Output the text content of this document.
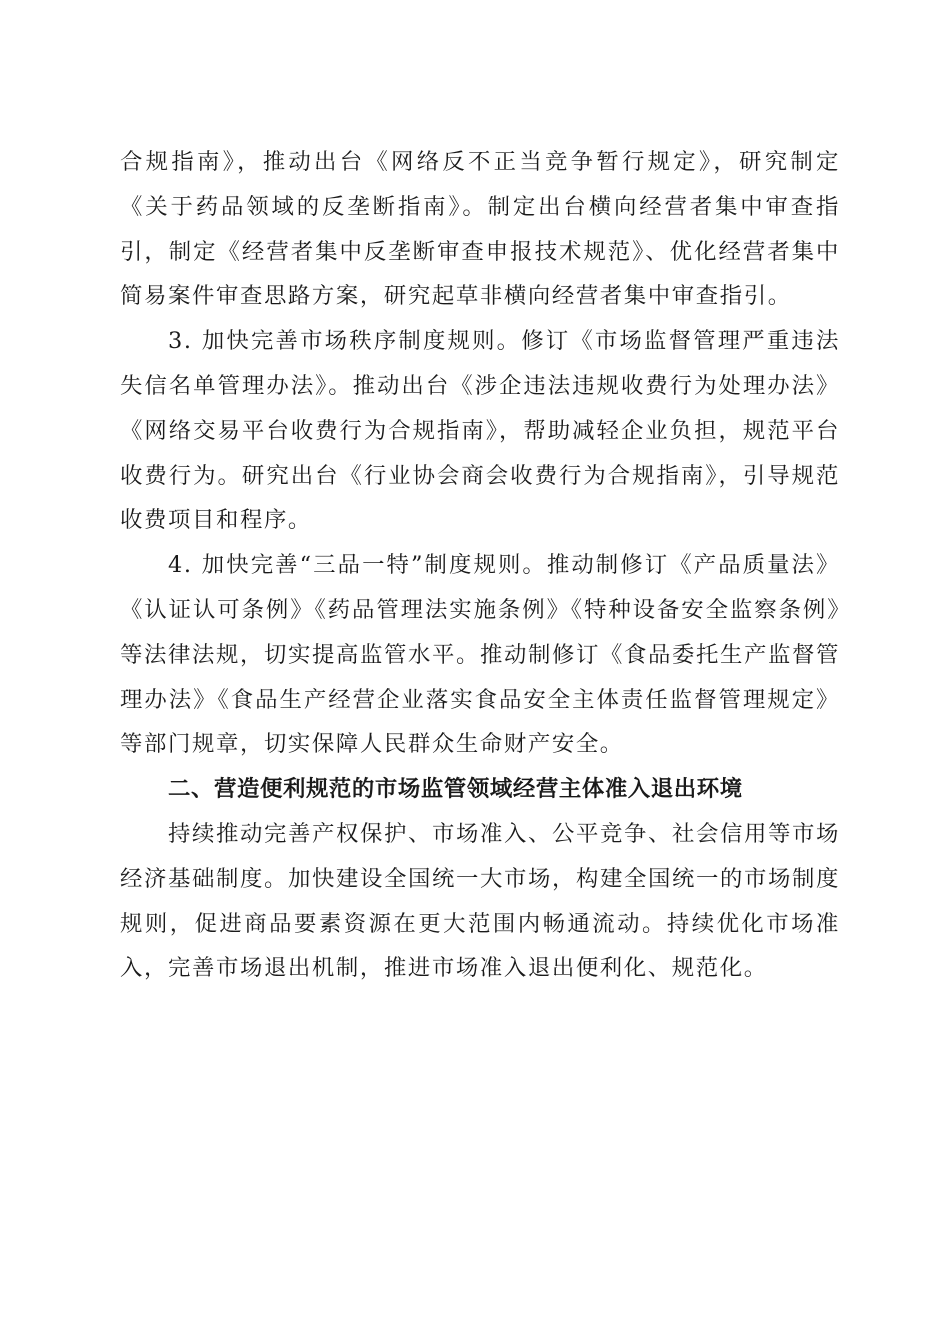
合规指南》，推动出台《网络反不正当竞争暂行规定》，研究制定《关于药品领域的反垄断指南》。制定出台横向经营者集中审查指引，制定《经营者集中反垄断审查申报技术规范》、优化经营者集中简易案件审查思路方案，研究起草非横向经营者集中审查指引。

3. 加快完善市场秩序制度规则。修订《市场监督管理严重违法失信名单管理办法》。推动出台《涉企违法违规收费行为处理办法》《网络交易平台收费行为合规指南》，帮助减轻企业负担，规范平台收费行为。研究出台《行业协会商会收费行为合规指南》，引导规范收费项目和程序。

4. 加快完善“三品一特”制度规则。推动制修订《产品质量法》《认证认可条例》《药品管理法实施条例》《特种设备安全监察条例》等法律法规，切实提高监管水平。推动制修订《食品委托生产监督管理办法》《食品生产经营企业落实食品安全主体责任监督管理规定》等部门规章，切实保障人民群众生命财产安全。

二、营造便利规范的市场监管领域经营主体准入退出环境

持续推动完善产权保护、市场准入、公平竞争、社会信用等市场经济基础制度。加快建设全国统一大市场，构建全国统一的市场制度规则，促进商品要素资源在更大范围内畅通流动。持续优化市场准入，完善市场退出机制，推进市场准入退出便利化、规范化。
